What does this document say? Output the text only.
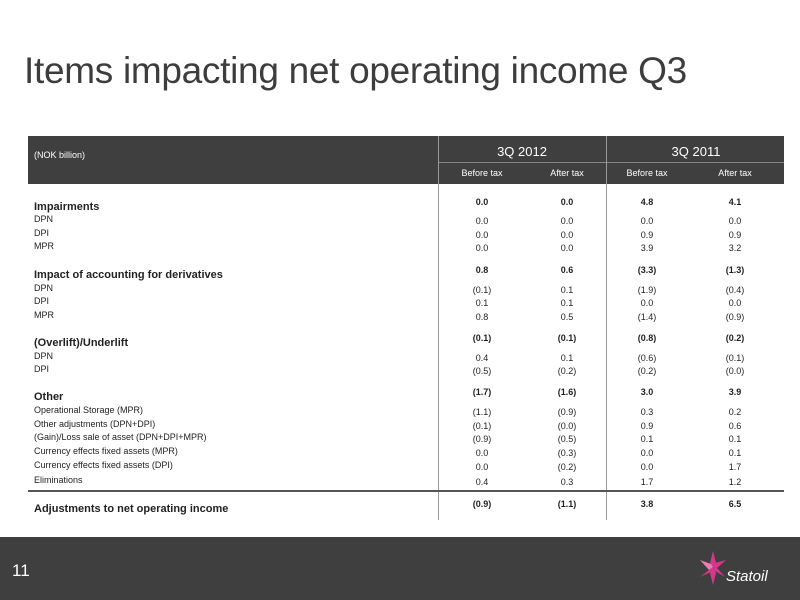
Items impacting net operating income Q3
(NOK billion)	3Q 2012	3Q 2011
Before tax	After tax	Before tax	After tax
Impairments	0.0	0.0	4.8	4.1
DPN	0.0	0.0	0.0	0.0
DPI	0.0	0.0	0.9	0.9
MPR	0.0	0.0	3.9	3.2
Impact of accounting for derivatives	0.8	0.6	(3.3)	(1.3)
DPN	(0.1)	0.1	(1.9)	(0.4)
DPI	0.1	0.1	0.0	0.0
MPR	0.8	0.5	(1.4)	(0.9)
(Overlift)/Underlift	(0.1)	(0.1)	(0.8)	(0.2)
DPN	0.4	0.1	(0.6)	(0.1)
DPI	(0.5)	(0.2)	(0.2)	(0.0)
Other	(1.7)	(1.6)	3.0	3.9
Operational Storage (MPR)	(1.1)	(0.9)	0.3	0.2
Other adjustments (DPN+DPI)	(0.1)	(0.0)	0.9	0.6
(Gain)/Loss sale of asset (DPN+DPI+MPR)	(0.9)	(0.5)	0.1	0.1
Currency effects fixed assets (MPR)	0.0	(0.3)	0.0	0.1
Currency effects fixed assets (DPI)	0.0	(0.2)	0.0	1.7
Eliminations	0.4	0.3	1.7	1.2
Adjustments to net operating income	(0.9)	(1.1)	3.8	6.5
11	Statoil
